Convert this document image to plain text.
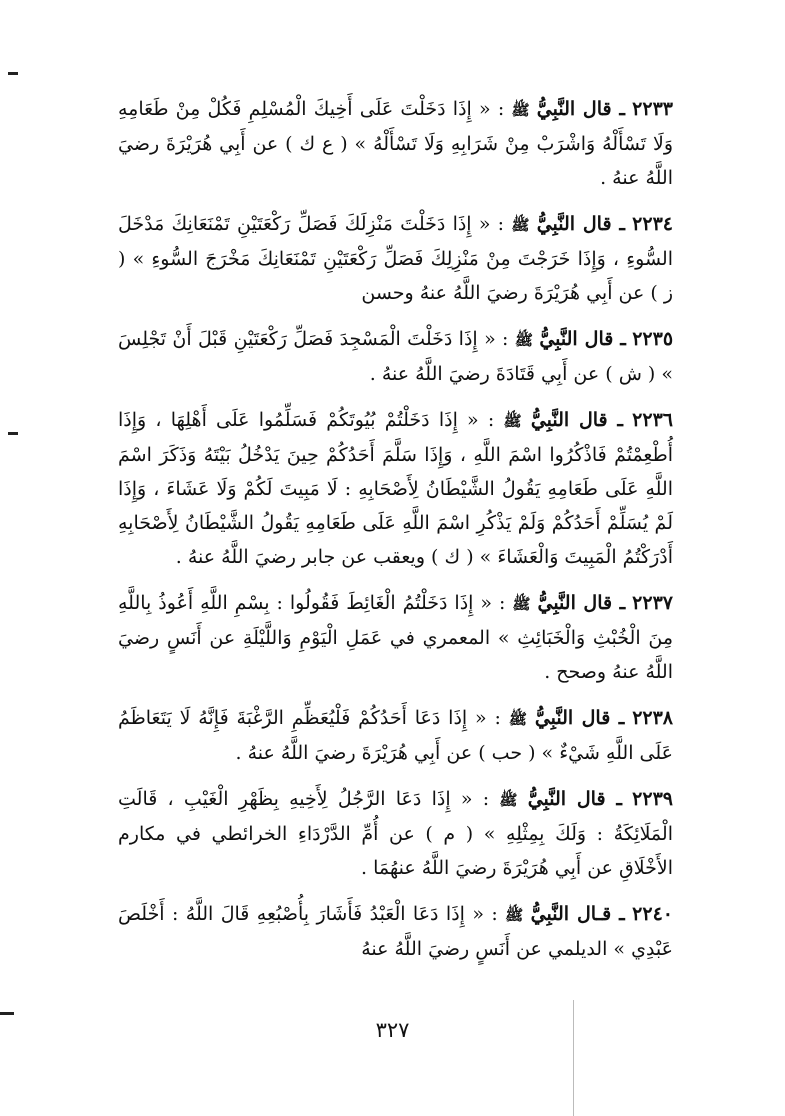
٢٢٣٣ ـ قال النَّبِيُّ ﷺ : « إِذَا دَخَلْتَ عَلَى أَخِيكَ الْمُسْلِمِ فَكُلْ مِنْ طَعَامِهِ وَلَا تَسْأَلْهُ وَاشْرَبْ مِنْ شَرَابِهِ وَلَا تَسْأَلْهُ » ( ع ك ) عن أَبِي هُرَيْرَةَ رضيَ اللَّهُ عنهُ .

٢٢٣٤ ـ قال النَّبِيُّ ﷺ : « إِذَا دَخَلْتَ مَنْزِلَكَ فَصَلِّ رَكْعَتَيْنِ تَمْنَعَانِكَ مَدْخَلَ السُّوءِ ، وَإِذَا خَرَجْتَ مِنْ مَنْزِلِكَ فَصَلِّ رَكْعَتَيْنِ تَمْنَعَانِكَ مَخْرَجَ السُّوءِ » ( ز ) عن أَبِي هُرَيْرَةَ رضيَ اللَّهُ عنهُ وحسن

٢٢٣٥ ـ قال النَّبِيُّ ﷺ : « إِذَا دَخَلْتَ الْمَسْجِدَ فَصَلِّ رَكْعَتَيْنِ قَبْلَ أَنْ تَجْلِسَ » ( ش ) عن أَبِي قَتَادَةَ رضيَ اللَّهُ عنهُ .

٢٢٣٦ ـ قال النَّبِيُّ ﷺ : « إِذَا دَخَلْتُمْ بُيُوتَكُمْ فَسَلِّمُوا عَلَى أَهْلِهَا ، وَإِذَا أُطْعِمْتُمْ فَاذْكُرُوا اسْمَ اللَّهِ ، وَإِذَا سَلَّمَ أَحَدُكُمْ حِينَ يَدْخُلُ بَيْتَهُ وَذَكَرَ اسْمَ اللَّهِ عَلَى طَعَامِهِ يَقُولُ الشَّيْطَانُ لِأَصْحَابِهِ : لَا مَبِيتَ لَكُمْ وَلَا عَشَاءَ ، وَإِذَا لَمْ يُسَلِّمْ أَحَدُكُمْ وَلَمْ يَذْكُرِ اسْمَ اللَّهِ عَلَى طَعَامِهِ يَقُولُ الشَّيْطَانُ لِأَصْحَابِهِ أَدْرَكْتُمُ الْمَبِيتَ وَالْعَشَاءَ » ( ك ) ويعقب عن جابر رضيَ اللَّهُ عنهُ .

٢٢٣٧ ـ قال النَّبِيُّ ﷺ : « إِذَا دَخَلْتُمُ الْغَائِطَ فَقُولُوا : بِسْمِ اللَّهِ أَعُوذُ بِاللَّهِ مِنَ الْخُبْثِ وَالْخَبَائِثِ » المعمري في عَمَلِ الْيَوْمِ وَاللَّيْلَةِ عن أَنَسٍ رضيَ اللَّهُ عنهُ وصحح .

٢٢٣٨ ـ قال النَّبِيُّ ﷺ : « إِذَا دَعَا أَحَدُكُمْ فَلْيُعَظِّمِ الرَّغْبَةَ فَإِنَّهُ لَا يَتَعَاظَمُ عَلَى اللَّهِ شَيْءٌ » ( حب ) عن أَبِي هُرَيْرَةَ رضيَ اللَّهُ عنهُ .

٢٢٣٩ ـ قال النَّبِيُّ ﷺ : « إِذَا دَعَا الرَّجُلُ لِأَخِيهِ بِظَهْرِ الْغَيْبِ ، قَالَتِ الْمَلَائِكَةُ : وَلَكَ بِمِثْلِهِ » ( م ) عن أُمِّ الدَّرْدَاءِ الخرائطي في مكارم الأَخْلَاقِ عن أَبِي هُرَيْرَةَ رضيَ اللَّهُ عنهُمَا .

٢٢٤٠ ـ قـال النَّبِيُّ ﷺ : « إِذَا دَعَا الْعَبْدُ فَأَشَارَ بِأُصْبُعِهِ قَالَ اللَّهُ : أَخْلَصَ عَبْدِي » الديلمي عن أَنَسٍ رضيَ اللَّهُ عنهُ

٣٢٧
